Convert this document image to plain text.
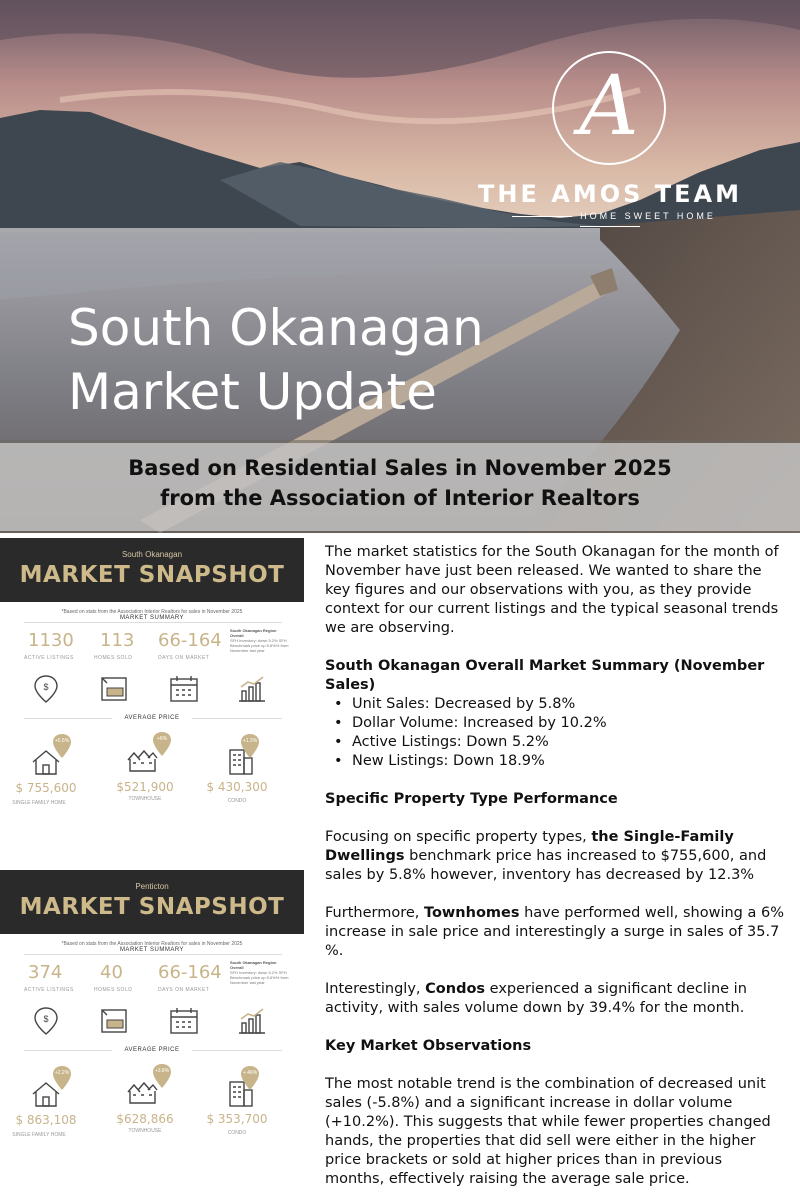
A
THE AMOS TEAM
HOME SWEET HOME
South Okanagan
Market Update
Based on Residential Sales in November 2025
from the Association of Interior Realtors
South Okanagan
MARKET SNAPSHOT
*Based on stats from the Association Interior Realtors for sales in November 2025
MARKET SUMMARY
1130
ACTIVE LISTINGS
113
HOMES SOLD
66-164
DAYS ON MARKET
South Okanagan Region Overall
SFH Inventory: down 5.2% SFH Benchmark price up 5.6%% from November last year
$
AVERAGE PRICE
+5.5%
$ 755,600
SINGLE FAMILY HOME
+6%
$521,900
TOWNHOUSE
+1.3%
$ 430,300
CONDO
Penticton
MARKET SNAPSHOT
*Based on stats from the Association Interior Realtors for sales in November 2025
MARKET SUMMARY
374
ACTIVE LISTINGS
40
HOMES SOLD
66-164
DAYS ON MARKET
South Okanagan Region Overall
SFH Inventory: down 5.2% SFH Benchmark price up 5.6%% from November last year
$
AVERAGE PRICE
+2.2%
$ 863,108
SINGLE FAMILY HOME
+3.8%
$628,866
TOWNHOUSE
+.46%
$ 353,700
CONDO

The market statistics for the South Okanagan for the month of November have just been released. We wanted to share the key figures and our observations with you, as they provide context for our current listings and the typical seasonal trends we are observing.

South Okanagan Overall Market Summary (November Sales)

• Unit Sales: Decreased by 5.8%
• Dollar Volume: Increased by 10.2%
• Active Listings: Down 5.2%
• New Listings: Down 18.9%

Specific Property Type Performance

Focusing on specific property types, the Single-Family Dwellings benchmark price has increased to $755,600, and sales by 5.8% however, inventory has decreased by 12.3%

Furthermore, Townhomes have performed well, showing a 6% increase in sale price and interestingly a surge in sales of 35.7 %.

Interestingly, Condos experienced a significant decline in activity, with sales volume down by 39.4% for the month.

Key Market Observations

The most notable trend is the combination of decreased unit sales (-5.8%) and a significant increase in dollar volume (+10.2%). This suggests that while fewer properties changed hands, the properties that did sell were either in the higher price brackets or sold at higher prices than in previous months, effectively raising the average sale price.
